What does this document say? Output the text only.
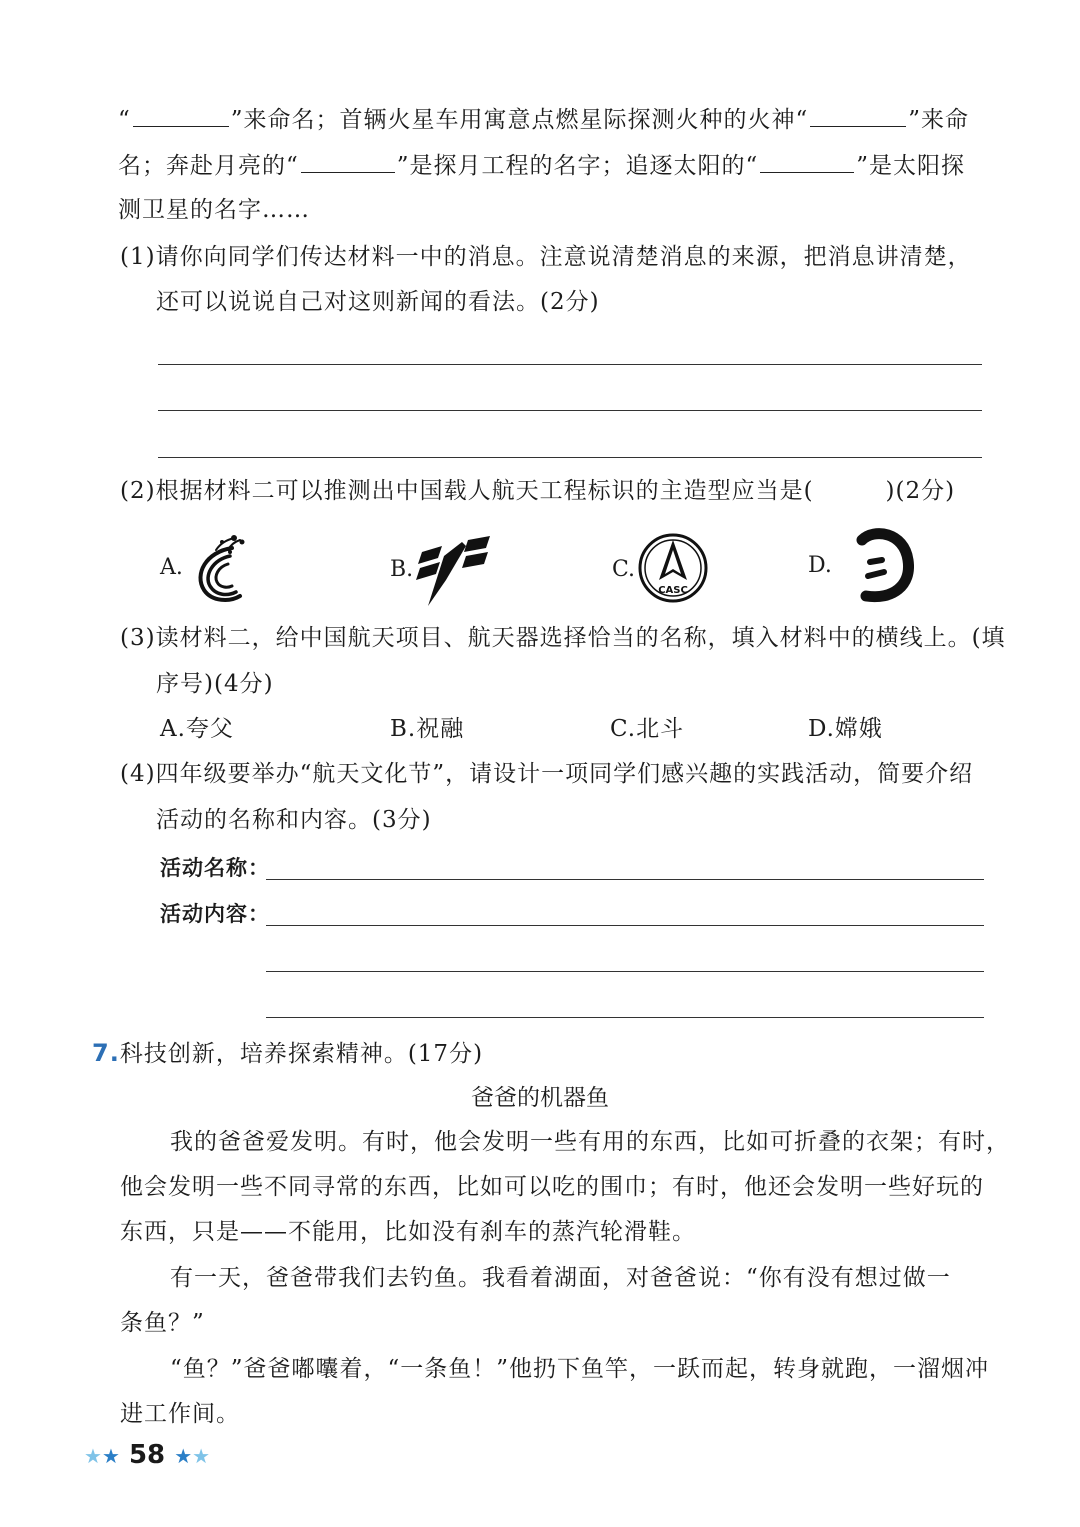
“	”来命名；首辆火星车用寓意点燃星际探测火种的火神“	”来命
名；奔赴月亮的“	”是探月工程的名字；追逐太阳的“	”是太阳探
测卫星的名字……
(1)请你向同学们传达材料一中的消息。注意说清楚消息的来源，把消息讲清楚，
还可以说说自己对这则新闻的看法。(2分)
(2)根据材料二可以推测出中国载人航天工程标识的主造型应当是(　　　)(2分)
A.	B.	C.
CASC
D.
(3)读材料二，给中国航天项目、航天器选择恰当的名称，填入材料中的横线上。(填
序号)(4分)
A.夸父	B.祝融	C.北斗	D.嫦娥
(4)四年级要举办“航天文化节”，请设计一项同学们感兴趣的实践活动，简要介绍
活动的名称和内容。(3分)
活动名称：
活动内容：
7.科技创新，培养探索精神。(17分)
爸爸的机器鱼
我的爸爸爱发明。有时，他会发明一些有用的东西，比如可折叠的衣架；有时，
他会发明一些不同寻常的东西，比如可以吃的围巾；有时，他还会发明一些好玩的
东西，只是——不能用，比如没有刹车的蒸汽轮滑鞋。
有一天，爸爸带我们去钓鱼。我看着湖面，对爸爸说：“你有没有想过做一
条鱼？”
“鱼？”爸爸嘟囔着，“一条鱼！”他扔下鱼竿，一跃而起，转身就跑，一溜烟冲
进工作间。
★★ 58 ★★
